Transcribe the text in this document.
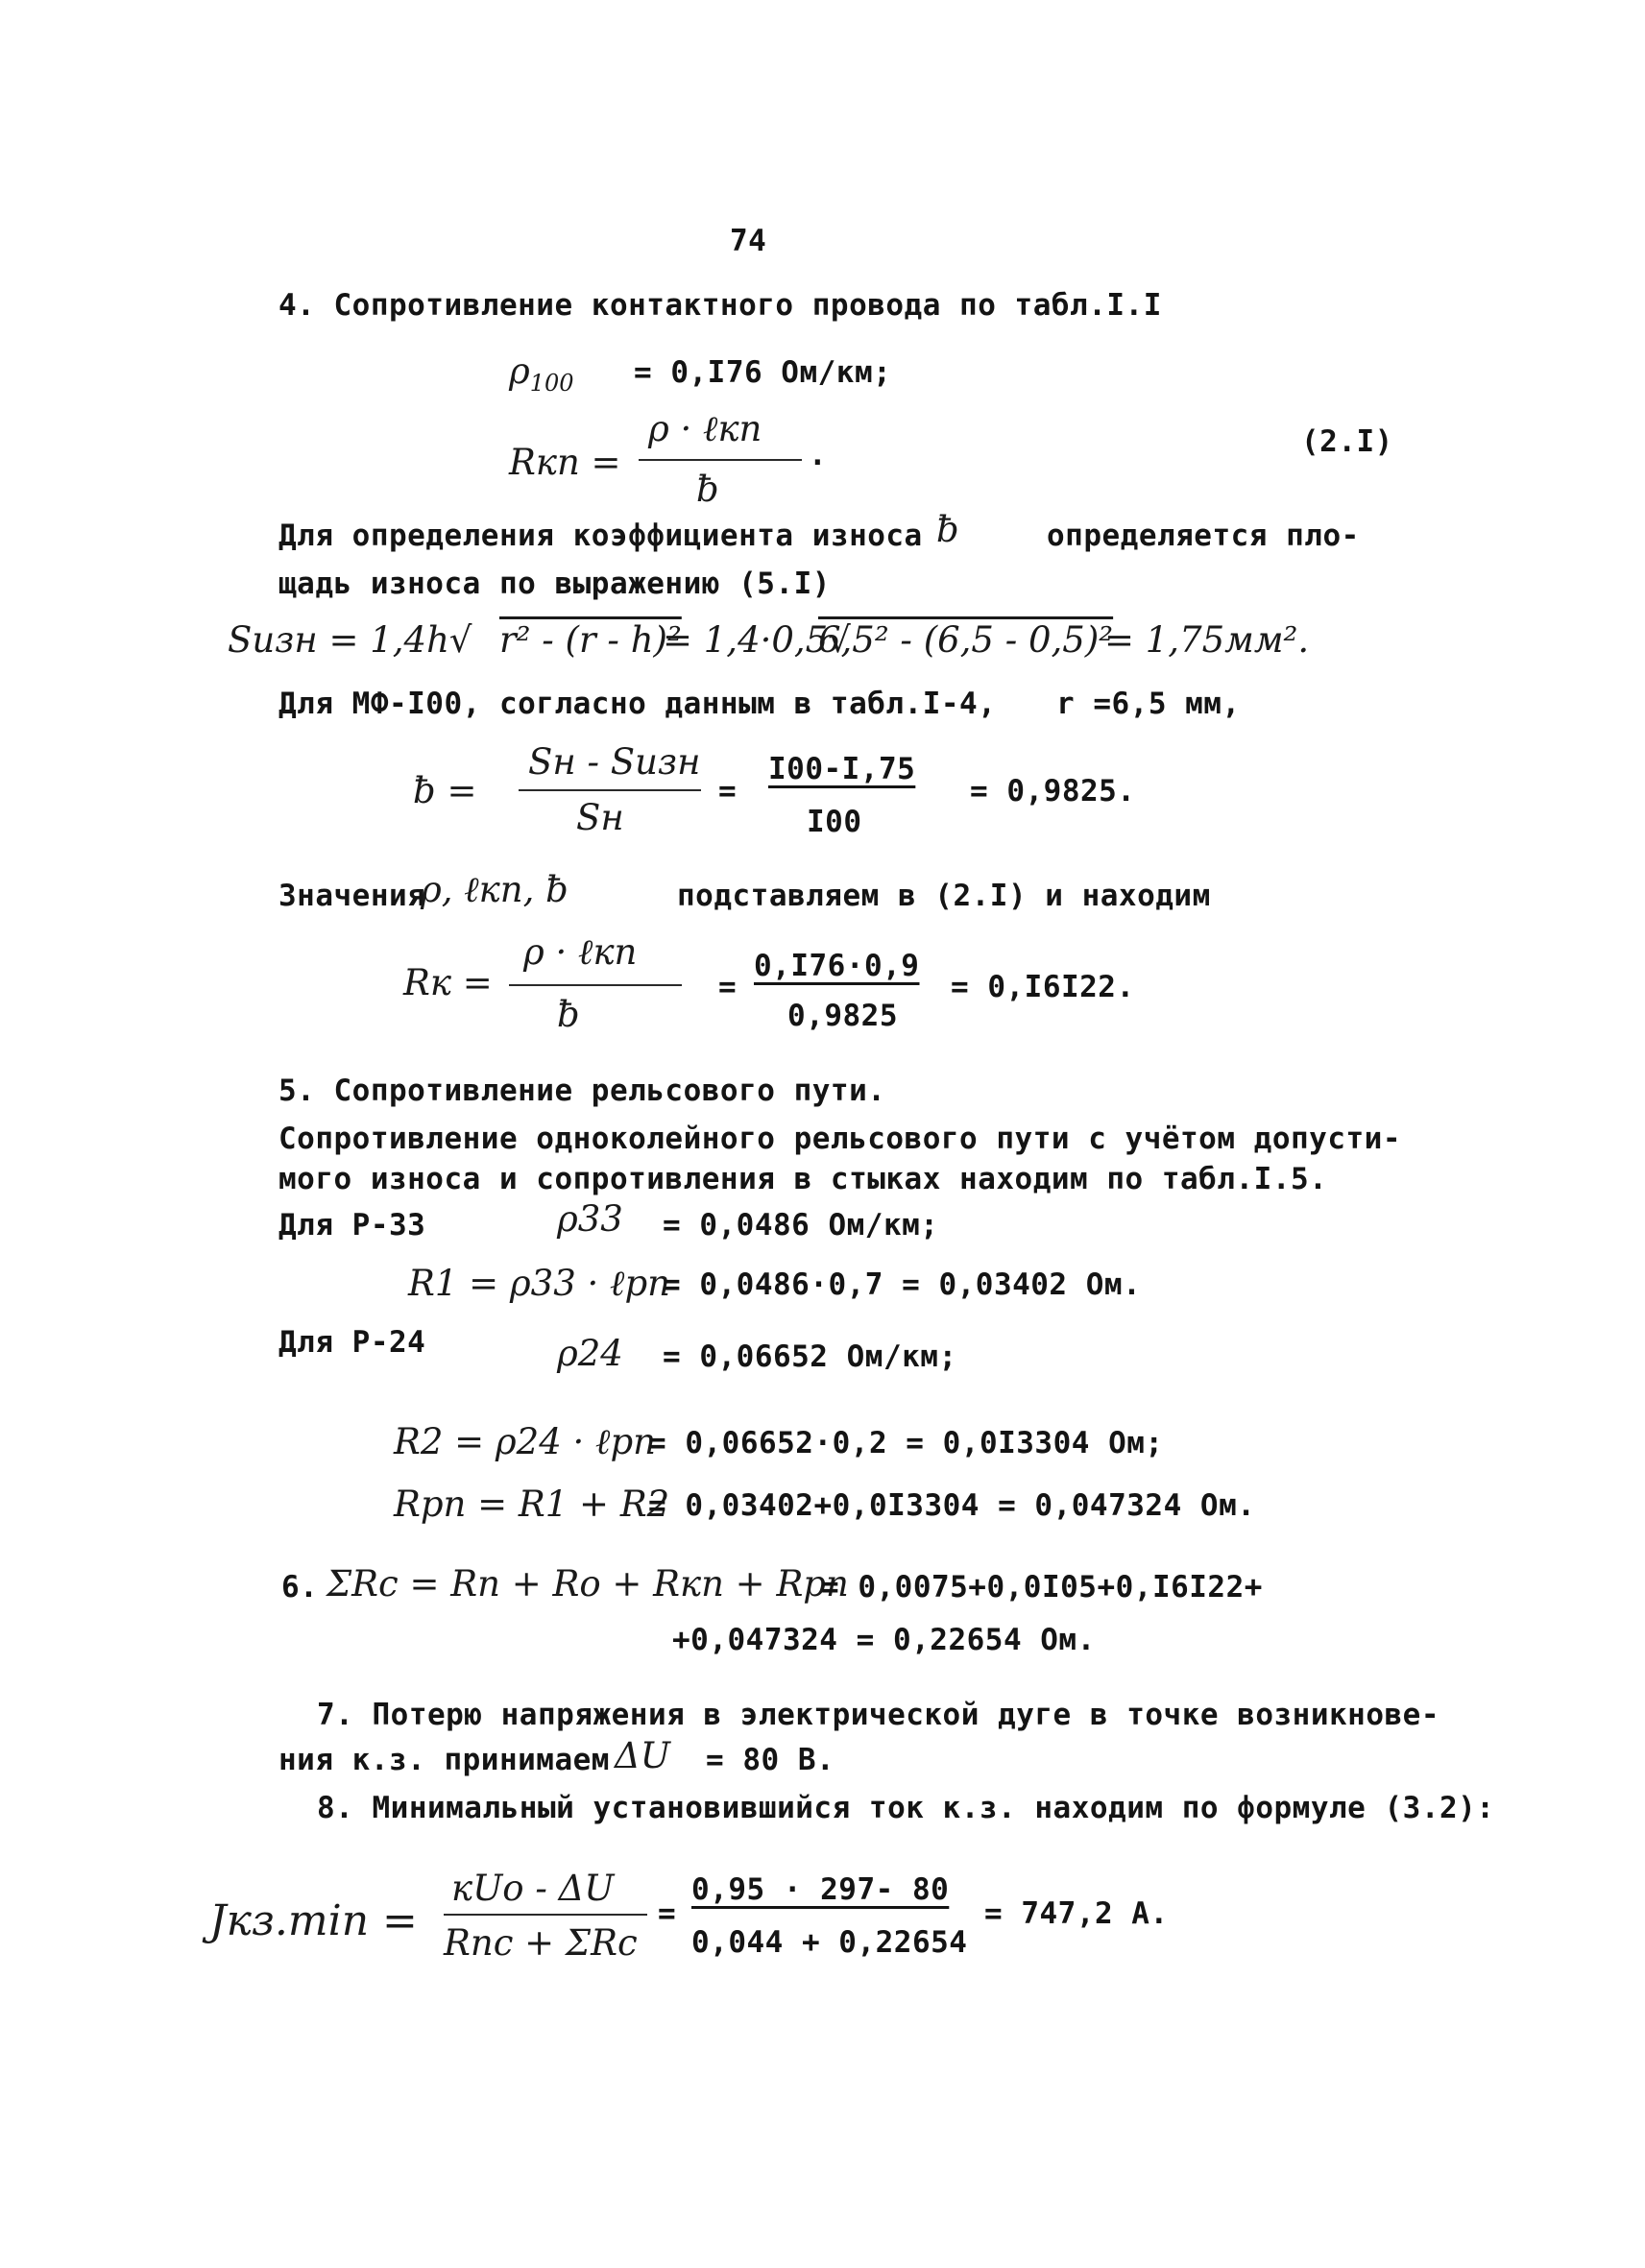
74
4. Сопротивление контактного провода по табл.I.I
$\rho_{100} = 0,I76$ Ом/км;
Rкп =
ρ · ℓкп
ƀ
.	(2.I)
Для определения коэффициента износа ƀ	определяется пло-
щадь износа по выражению (5.I)
Sизн = 1,4h√ r² - (r - h)²
= 1,4·0,5√
6,5² - (6,5 - 0,5)²
= 1,75мм².
Для МФ-I00, согласно данным в табл.I-4, r =6,5 мм,
ƀ =
Sн - Sизн
Sн
=
I00-I,75
I00
= 0,9825.
Значения
ρ, ℓкп, ƀ	подставляем в (2.I) и находим
Rк =
ρ · ℓкп
ƀ
=
0,I76·0,9
0,9825
= 0,I6I22.
5. Сопротивление рельсового пути.
Сопротивление одноколейного рельсового пути с учётом допусти-
мого износа и сопротивления в стыках находим по табл.I.5.
Для Р-33	ρ33 = 0,0486 Ом/км;
R1 = ρ33 · ℓрп
= 0,0486·0,7 = 0,03402 Ом.
Для Р-24	ρ24 = 0,06652 Ом/км;
R2 = ρ24 · ℓрп
= 0,06652·0,2 = 0,0I3304 Ом;
Rрп = R1 + R2
= 0,03402+0,0I3304 = 0,047324 Ом.
6. ΣRс = Rп + Rо + Rкп + Rрп
= 0,0075+0,0I05+0,I6I22+
+0,047324 = 0,22654 Ом.
7. Потерю напряжения в электрической дуге в точке возникнове-
ния к.з. принимаем ΔU = 80 В.
8. Минимальный установившийся ток к.з. находим по формуле (3.2):
Jкз.min =
кUо - ΔU
Rпс + ΣRс
=
0,95 · 297- 80
0,044 + 0,22654
= 747,2 А.
